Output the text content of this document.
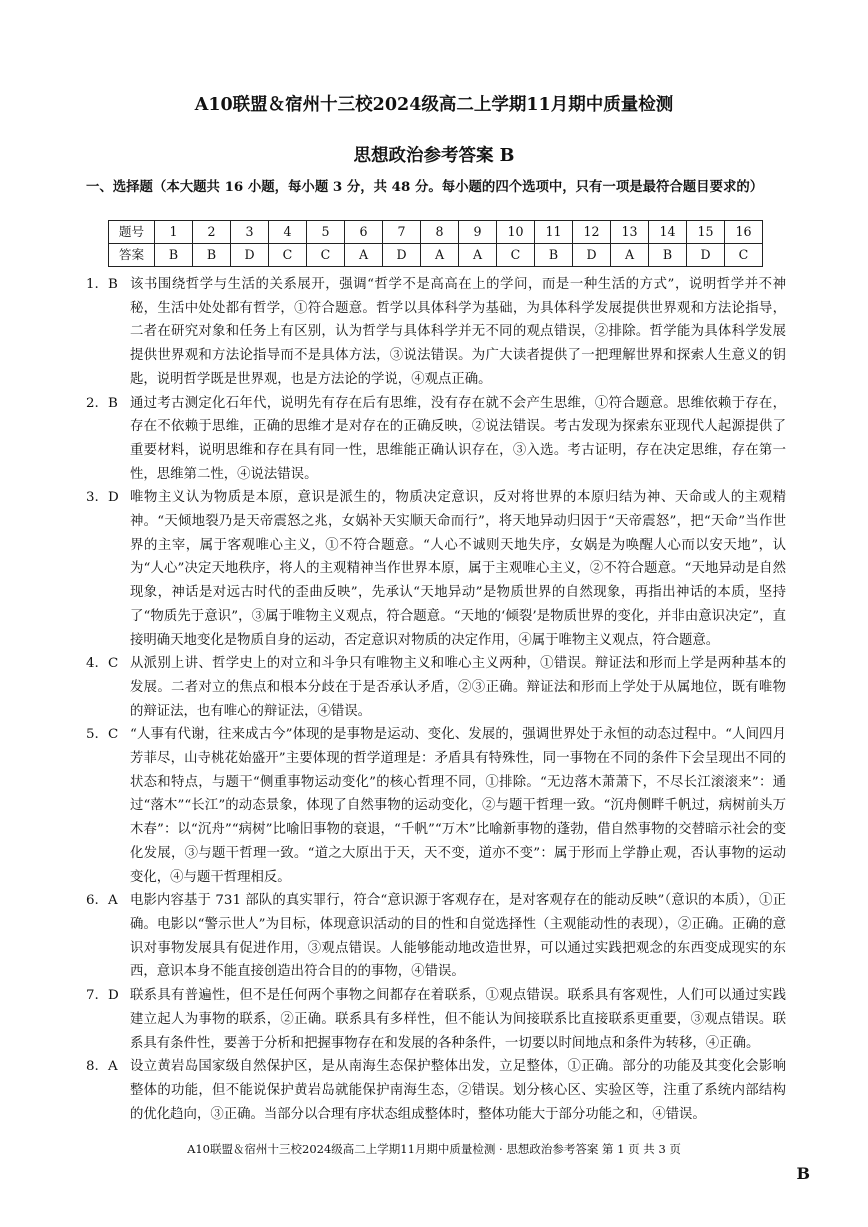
A10联盟＆宿州十三校2024级高二上学期11月期中质量检测
思想政治参考答案 B
一、选择题（本大题共 16 小题，每小题 3 分，共 48 分。每小题的四个选项中，只有一项是最符合题目要求的）
题号	1	2	3	4	5	6	7	8	9	10	11	12	13	14	15	16
答案	B	B	D	C	C	A	D	A	A	C	B	D	A	B	D	C
1. B 该书围绕哲学与生活的关系展开，强调“哲学不是高高在上的学问，而是一种生活的方式”，说明哲学并不神秘，生活中处处都有哲学，①符合题意。哲学以具体科学为基础，为具体科学发展提供世界观和方法论指导，二者在研究对象和任务上有区别，认为哲学与具体科学并无不同的观点错误，②排除。哲学能为具体科学发展提供世界观和方法论指导而不是具体方法，③说法错误。为广大读者提供了一把理解世界和探索人生意义的钥匙，说明哲学既是世界观，也是方法论的学说，④观点正确。
2. B 通过考古测定化石年代，说明先有存在后有思维，没有存在就不会产生思维，①符合题意。思维依赖于存在，存在不依赖于思维，正确的思维才是对存在的正确反映，②说法错误。考古发现为探索东亚现代人起源提供了重要材料，说明思维和存在具有同一性，思维能正确认识存在，③入选。考古证明，存在决定思维，存在第一性，思维第二性，④说法错误。
3. D 唯物主义认为物质是本原，意识是派生的，物质决定意识，反对将世界的本原归结为神、天命或人的主观精神。“天倾地裂乃是天帝震怒之兆，女娲补天实顺天命而行”，将天地异动归因于“天帝震怒”，把“天命”当作世界的主宰，属于客观唯心主义，①不符合题意。“人心不诚则天地失序，女娲是为唤醒人心而以安天地”，认为“人心”决定天地秩序，将人的主观精神当作世界本原，属于主观唯心主义，②不符合题意。“天地异动是自然现象，神话是对远古时代的歪曲反映”，先承认“天地异动”是物质世界的自然现象，再指出神话的本质，坚持了“物质先于意识”，③属于唯物主义观点，符合题意。“天地的‘倾裂’是物质世界的变化，并非由意识决定”，直接明确天地变化是物质自身的运动，否定意识对物质的决定作用，④属于唯物主义观点，符合题意。
4. C 从派别上讲、哲学史上的对立和斗争只有唯物主义和唯心主义两种，①错误。辩证法和形而上学是两种基本的发展。二者对立的焦点和根本分歧在于是否承认矛盾，②③正确。辩证法和形而上学处于从属地位，既有唯物的辩证法，也有唯心的辩证法，④错误。
5. C “人事有代谢，往来成古今”体现的是事物是运动、变化、发展的，强调世界处于永恒的动态过程中。“人间四月芳菲尽，山寺桃花始盛开”主要体现的哲学道理是：矛盾具有特殊性，同一事物在不同的条件下会呈现出不同的状态和特点，与题干“侧重事物运动变化”的核心哲理不同，①排除。“无边落木萧萧下，不尽长江滚滚来”：通过“落木”“长江”的动态景象，体现了自然事物的运动变化，②与题干哲理一致。“沉舟侧畔千帆过，病树前头万木春”：以“沉舟”“病树”比喻旧事物的衰退，“千帆”“万木”比喻新事物的蓬勃，借自然事物的交替暗示社会的变化发展，③与题干哲理一致。“道之大原出于天，天不变，道亦不变”：属于形而上学静止观，否认事物的运动变化，④与题干哲理相反。
6. A 电影内容基于 731 部队的真实罪行，符合“意识源于客观存在，是对客观存在的能动反映”（意识的本质），①正确。电影以“警示世人”为目标，体现意识活动的目的性和自觉选择性（主观能动性的表现），②正确。正确的意识对事物发展具有促进作用，③观点错误。人能够能动地改造世界，可以通过实践把观念的东西变成现实的东西，意识本身不能直接创造出符合目的的事物，④错误。
7. D 联系具有普遍性，但不是任何两个事物之间都存在着联系，①观点错误。联系具有客观性，人们可以通过实践建立起人为事物的联系，②正确。联系具有多样性，但不能认为间接联系比直接联系更重要，③观点错误。联系具有条件性，要善于分析和把握事物存在和发展的各种条件，一切要以时间地点和条件为转移，④正确。
8. A 设立黄岩岛国家级自然保护区，是从南海生态保护整体出发，立足整体，①正确。部分的功能及其变化会影响整体的功能，但不能说保护黄岩岛就能保护南海生态，②错误。划分核心区、实验区等，注重了系统内部结构的优化趋向，③正确。当部分以合理有序状态组成整体时，整体功能大于部分功能之和，④错误。
A10联盟＆宿州十三校2024级高二上学期11月期中质量检测 · 思想政治参考答案 第 1 页 共 3 页
B
